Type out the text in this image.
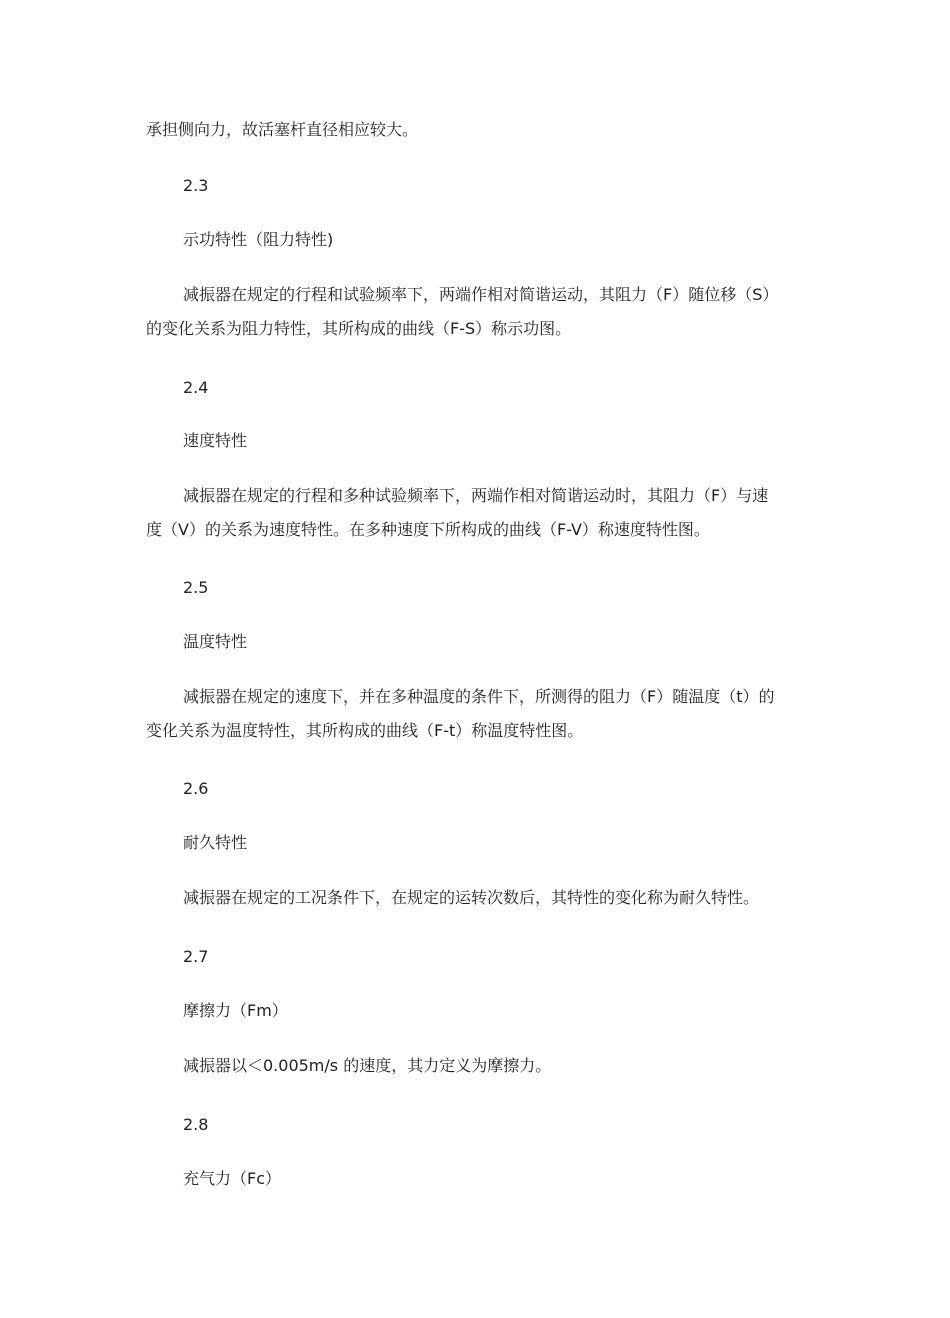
承担侧向力，故活塞杆直径相应较大。
2.3
示功特性（阻力特性)
减振器在规定的行程和试验频率下，两端作相对简谐运动，其阻力（F）随位移（S）
的变化关系为阻力特性，其所构成的曲线（F-S）称示功图。
2.4
速度特性
减振器在规定的行程和多种试验频率下，两端作相对简谐运动时，其阻力（F）与速
度（V）的关系为速度特性。在多种速度下所构成的曲线（F-V）称速度特性图。
2.5
温度特性
减振器在规定的速度下，并在多种温度的条件下，所测得的阻力（F）随温度（t）的
变化关系为温度特性，其所构成的曲线（F-t）称温度特性图。
2.6
耐久特性
减振器在规定的工况条件下，在规定的运转次数后，其特性的变化称为耐久特性。
2.7
摩擦力（Fm）
减振器以＜0.005m/s 的速度，其力定义为摩擦力。
2.8
充气力（Fc）
